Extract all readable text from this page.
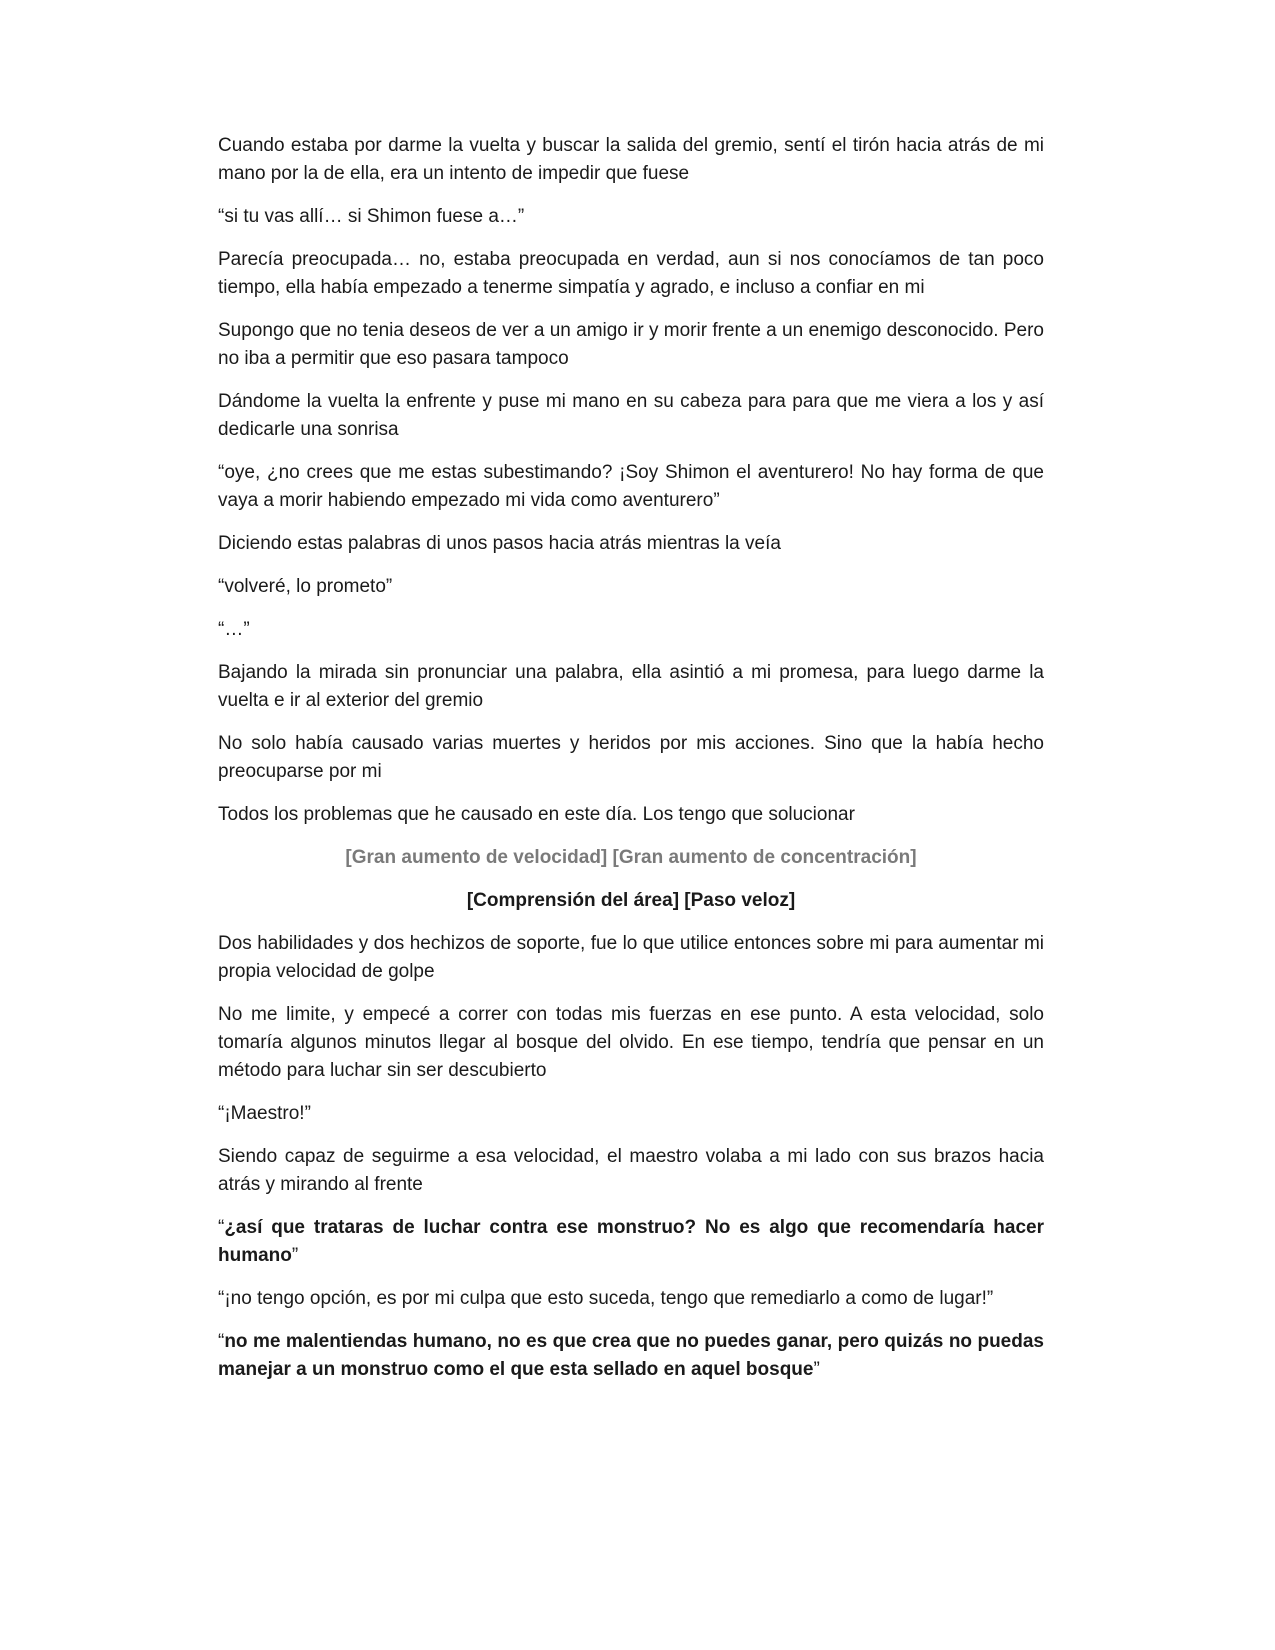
Cuando estaba por darme la vuelta y buscar la salida del gremio, sentí el tirón hacia atrás de mi mano por la de ella, era un intento de impedir que fuese

“si tu vas allí… si Shimon fuese a…”

Parecía preocupada… no, estaba preocupada en verdad, aun si nos conocíamos de tan poco tiempo, ella había empezado a tenerme simpatía y agrado, e incluso a confiar en mi

Supongo que no tenia deseos de ver a un amigo ir y morir frente a un enemigo desconocido. Pero no iba a permitir que eso pasara tampoco

Dándome la vuelta la enfrente y puse mi mano en su cabeza para para que me viera a los y así dedicarle una sonrisa

“oye, ¿no crees que me estas subestimando? ¡Soy Shimon el aventurero! No hay forma de que vaya a morir habiendo empezado mi vida como aventurero”

Diciendo estas palabras di unos pasos hacia atrás mientras la veía

“volveré, lo prometo”

“…”

Bajando la mirada sin pronunciar una palabra, ella asintió a mi promesa, para luego darme la vuelta e ir al exterior del gremio

No solo había causado varias muertes y heridos por mis acciones. Sino que la había hecho preocuparse por mi

Todos los problemas que he causado en este día. Los tengo que solucionar

[Gran aumento de velocidad] [Gran aumento de concentración]

[Comprensión del área] [Paso veloz]

Dos habilidades y dos hechizos de soporte, fue lo que utilice entonces sobre mi para aumentar mi propia velocidad de golpe

No me limite, y empecé a correr con todas mis fuerzas en ese punto. A esta velocidad, solo tomaría algunos minutos llegar al bosque del olvido. En ese tiempo, tendría que pensar en un método para luchar sin ser descubierto

“¡Maestro!”

Siendo capaz de seguirme a esa velocidad, el maestro volaba a mi lado con sus brazos hacia atrás y mirando al frente

“¿así que trataras de luchar contra ese monstruo? No es algo que recomendaría hacer humano”

“¡no tengo opción, es por mi culpa que esto suceda, tengo que remediarlo a como de lugar!”

“no me malentiendas humano, no es que crea que no puedes ganar, pero quizás no puedas manejar a un monstruo como el que esta sellado en aquel bosque”
